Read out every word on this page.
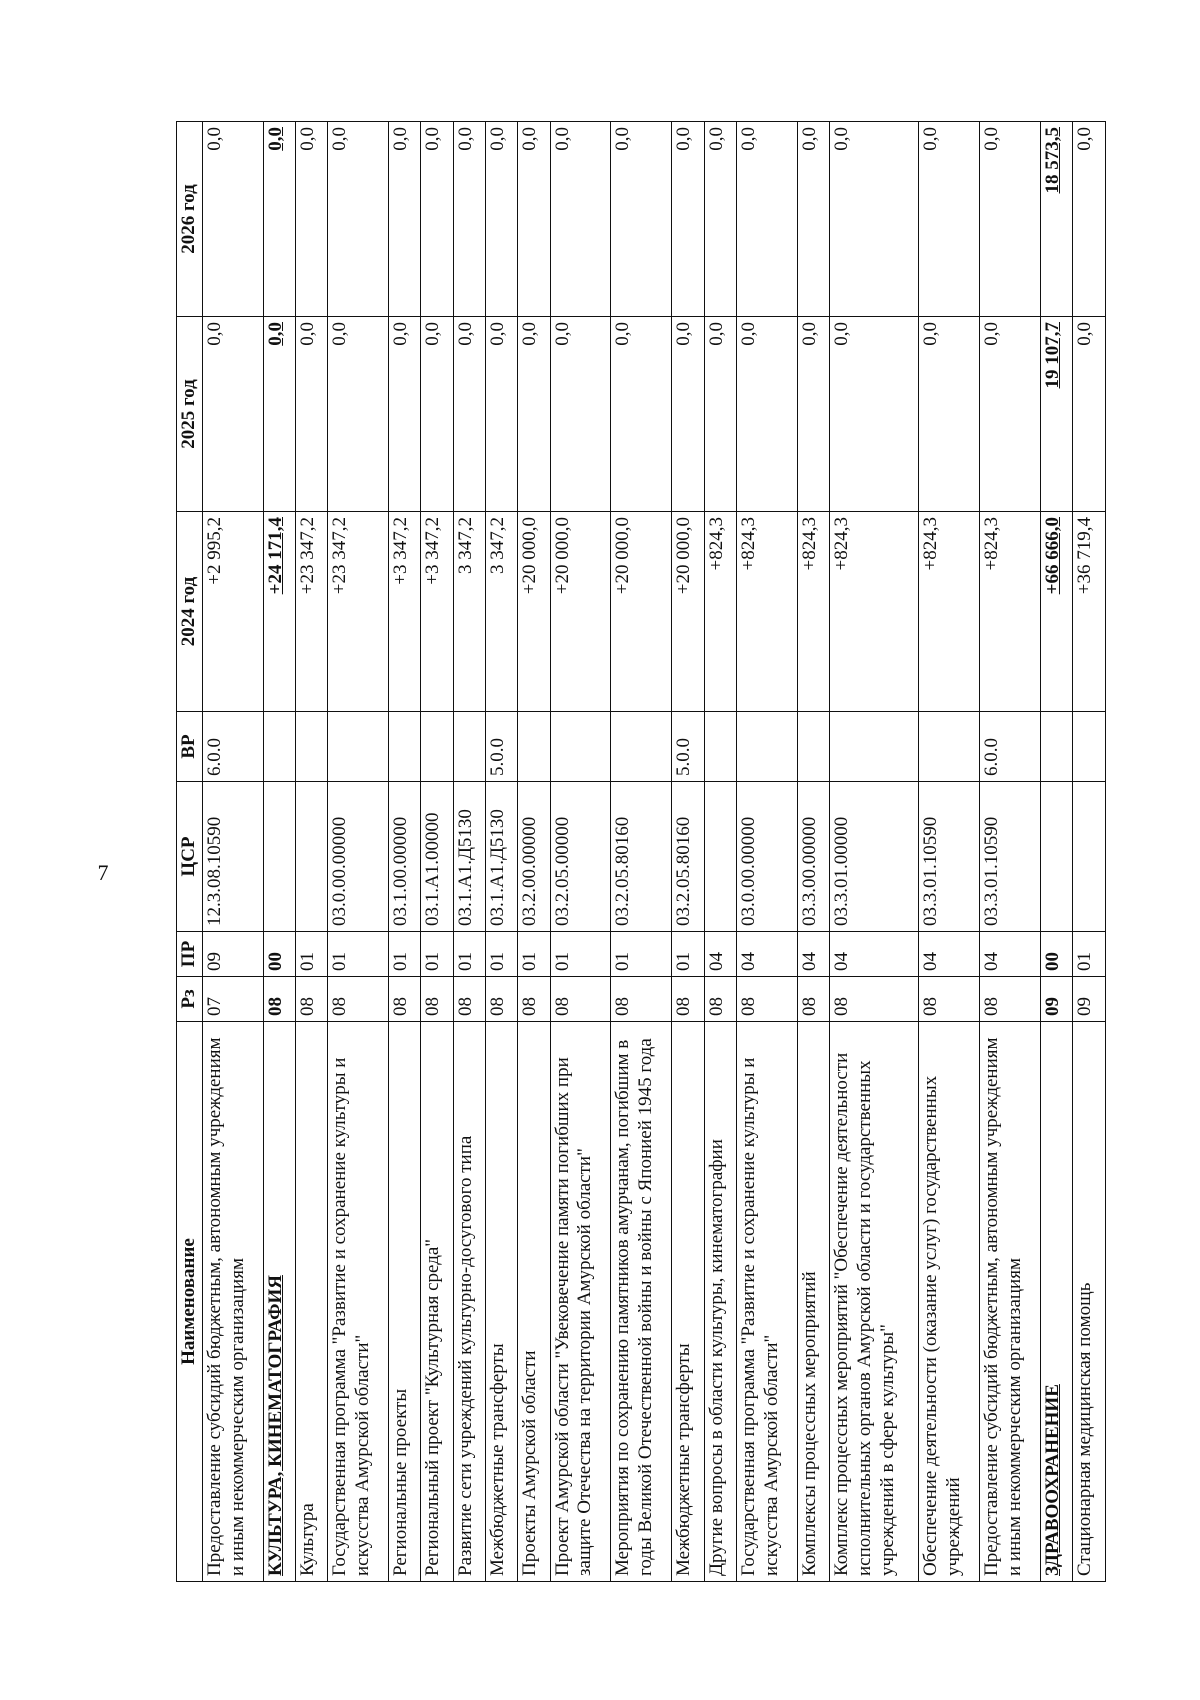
7
Наименование	Рз	ПР	ЦСР	ВР	2024 год	2025 год	2026 год
Предоставление субсидий бюджетным, автономным учреждениям и иным некоммерческим организациям	07	09	12.3.08.10590	6.0.0	+2 995,2	0,0	0,0
КУЛЬТУРА, КИНЕМАТОГРАФИЯ	08	00			+24 171,4	0,0	0,0
Культура	08	01			+23 347,2	0,0	0,0
Государственная программа "Развитие и сохранение культуры и искусства Амурской области"	08	01	03.0.00.00000		+23 347,2	0,0	0,0
Региональные проекты	08	01	03.1.00.00000		+3 347,2	0,0	0,0
Региональный проект "Культурная среда"	08	01	03.1.А1.00000		+3 347,2	0,0	0,0
Развитие сети учреждений культурно-досугового типа	08	01	03.1.А1.Д5130		3 347,2	0,0	0,0
Межбюджетные трансферты	08	01	03.1.А1.Д5130	5.0.0	3 347,2	0,0	0,0
Проекты Амурской области	08	01	03.2.00.00000		+20 000,0	0,0	0,0
Проект Амурской области "Увековечение памяти погибших при защите Отечества на территории Амурской области"	08	01	03.2.05.00000		+20 000,0	0,0	0,0
Мероприятия по сохранению памятников амурчанам, погибшим в годы Великой Отечественной войны и войны с Японией 1945 года	08	01	03.2.05.80160		+20 000,0	0,0	0,0
Межбюджетные трансферты	08	01	03.2.05.80160	5.0.0	+20 000,0	0,0	0,0
Другие вопросы в области культуры, кинематографии	08	04			+824,3	0,0	0,0
Государственная программа "Развитие и сохранение культуры и искусства Амурской области"	08	04	03.0.00.00000		+824,3	0,0	0,0
Комплексы процессных мероприятий	08	04	03.3.00.00000		+824,3	0,0	0,0
Комплекс процессных мероприятий "Обеспечение деятельности исполнительных органов Амурской области и государственных учреждений в сфере культуры"	08	04	03.3.01.00000		+824,3	0,0	0,0
Обеспечение деятельности (оказание услуг) государственных учреждений	08	04	03.3.01.10590		+824,3	0,0	0,0
Предоставление субсидий бюджетным, автономным учреждениям и иным некоммерческим организациям	08	04	03.3.01.10590	6.0.0	+824,3	0,0	0,0
ЗДРАВООХРАНЕНИЕ	09	00			+66 666,0	19 107,7	18 573,5
Стационарная медицинская помощь	09	01			+36 719,4	0,0	0,0
